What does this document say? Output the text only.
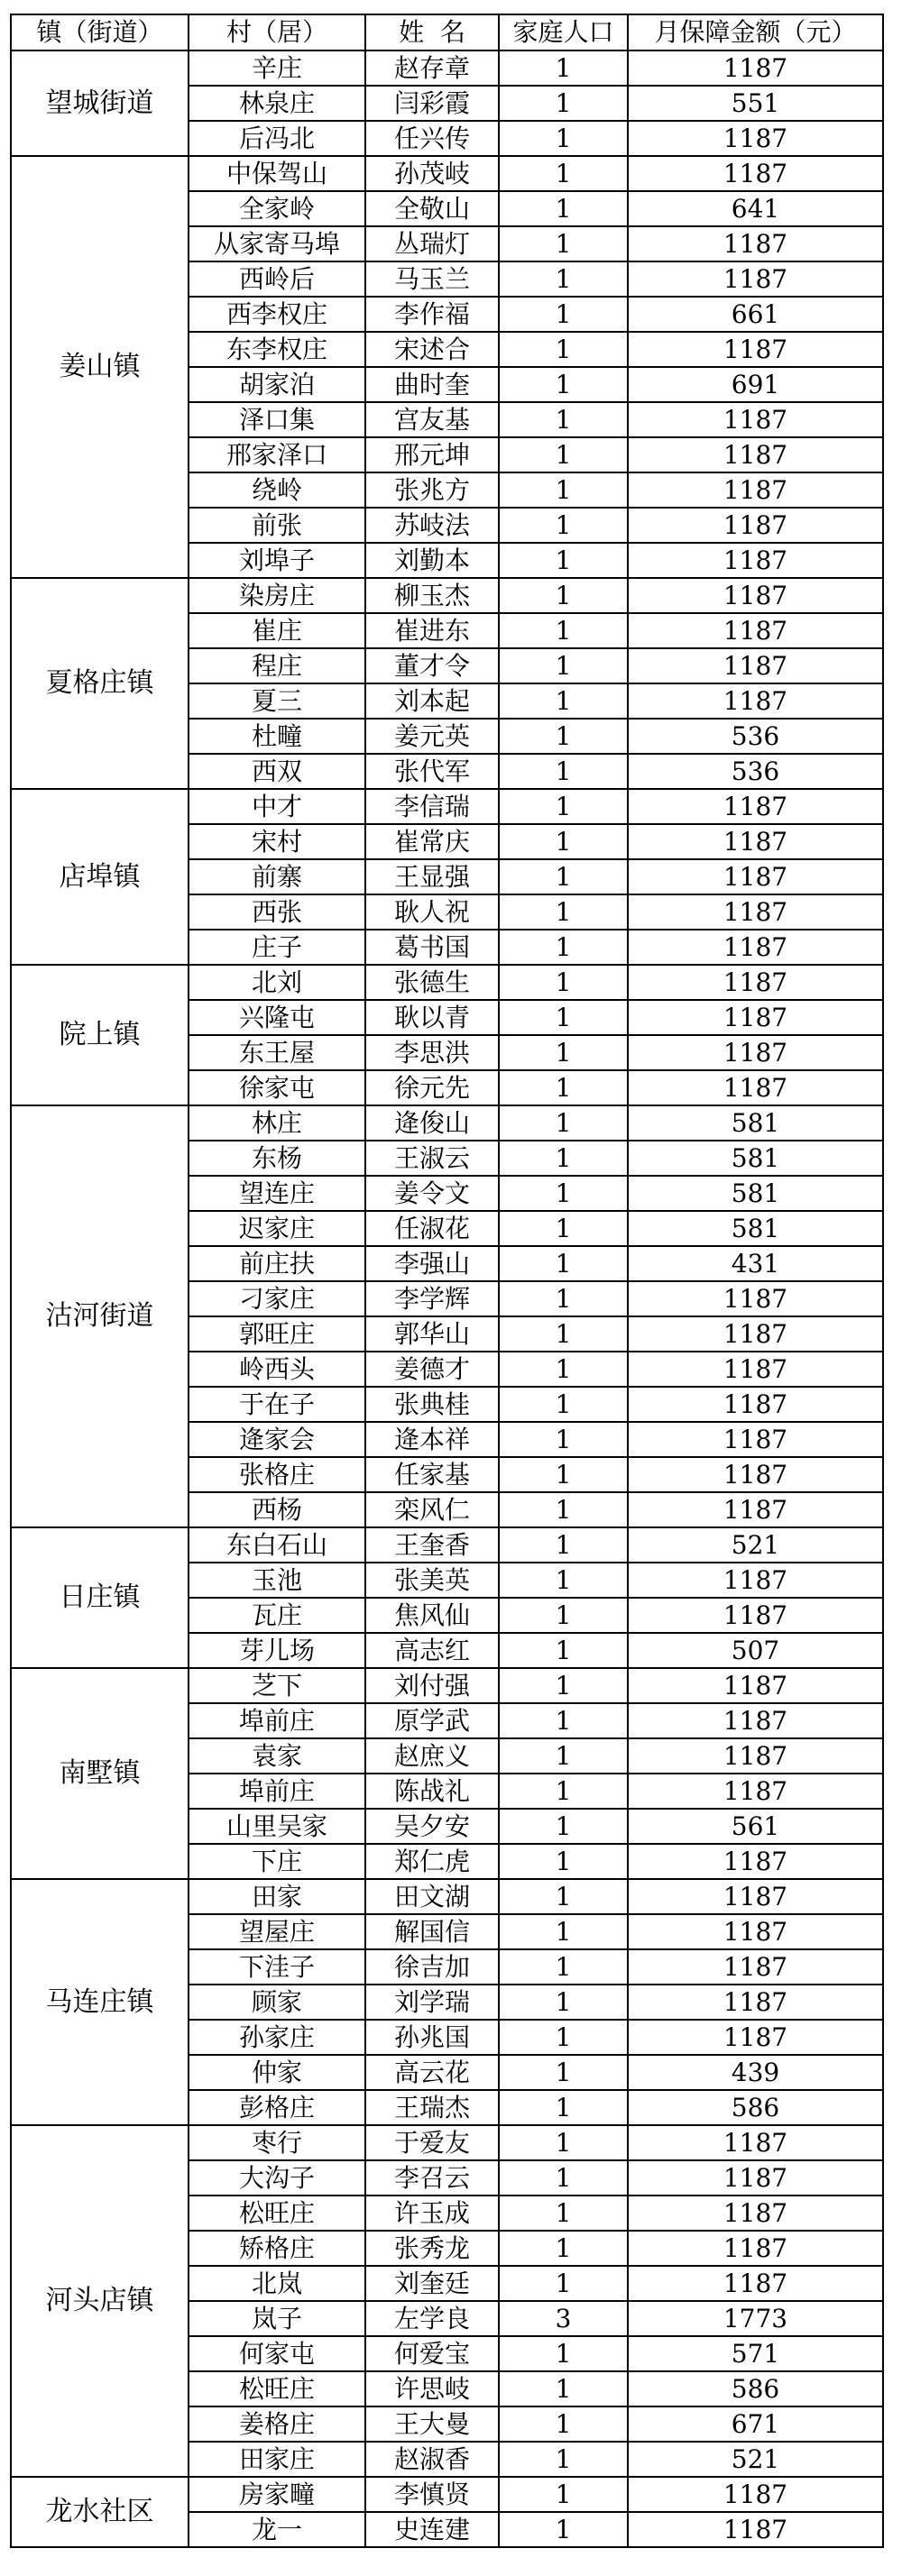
镇（街道）	村（居）	姓  名	家庭人口	月保障金额（元）
望城街道	辛庄	赵存章	1	1187
	林泉庄	闫彩霞	1	551
	后冯北	任兴传	1	1187
姜山镇	中保驾山	孙茂岐	1	1187
	全家岭	全敬山	1	641
	从家寄马埠	丛瑞灯	1	1187
	西岭后	马玉兰	1	1187
	西李权庄	李作福	1	661
	东李权庄	宋述合	1	1187
	胡家泊	曲时奎	1	691
	泽口集	宫友基	1	1187
	邢家泽口	邢元坤	1	1187
	绕岭	张兆方	1	1187
	前张	苏岐法	1	1187
	刘埠子	刘勤本	1	1187
夏格庄镇	染房庄	柳玉杰	1	1187
	崔庄	崔进东	1	1187
	程庄	董才令	1	1187
	夏三	刘本起	1	1187
	杜疃	姜元英	1	536
	西双	张代军	1	536
店埠镇	中才	李信瑞	1	1187
	宋村	崔常庆	1	1187
	前寨	王显强	1	1187
	西张	耿人祝	1	1187
	庄子	葛书国	1	1187
院上镇	北刘	张德生	1	1187
	兴隆屯	耿以青	1	1187
	东王屋	李思洪	1	1187
	徐家屯	徐元先	1	1187
沽河街道	林庄	逄俊山	1	581
	东杨	王淑云	1	581
	望连庄	姜令文	1	581
	迟家庄	任淑花	1	581
	前庄扶	李强山	1	431
	刁家庄	李学辉	1	1187
	郭旺庄	郭华山	1	1187
	岭西头	姜德才	1	1187
	于在子	张典桂	1	1187
	逄家会	逄本祥	1	1187
	张格庄	任家基	1	1187
	西杨	栾风仁	1	1187
日庄镇	东白石山	王奎香	1	521
	玉池	张美英	1	1187
	瓦庄	焦风仙	1	1187
	芽儿场	高志红	1	507
南墅镇	芝下	刘付强	1	1187
	埠前庄	原学武	1	1187
	袁家	赵庶义	1	1187
	埠前庄	陈战礼	1	1187
	山里吴家	吴夕安	1	561
	下庄	郑仁虎	1	1187
马连庄镇	田家	田文湖	1	1187
	望屋庄	解国信	1	1187
	下洼子	徐吉加	1	1187
	顾家	刘学瑞	1	1187
	孙家庄	孙兆国	1	1187
	仲家	高云花	1	439
	彭格庄	王瑞杰	1	586
河头店镇	枣行	于爱友	1	1187
	大沟子	李召云	1	1187
	松旺庄	许玉成	1	1187
	矫格庄	张秀龙	1	1187
	北岚	刘奎廷	1	1187
	岚子	左学良	3	1773
	何家屯	何爱宝	1	571
	松旺庄	许思岐	1	586
	姜格庄	王大曼	1	671
	田家庄	赵淑香	1	521
龙水社区	房家疃	李慎贤	1	1187
	龙一	史连建	1	1187
